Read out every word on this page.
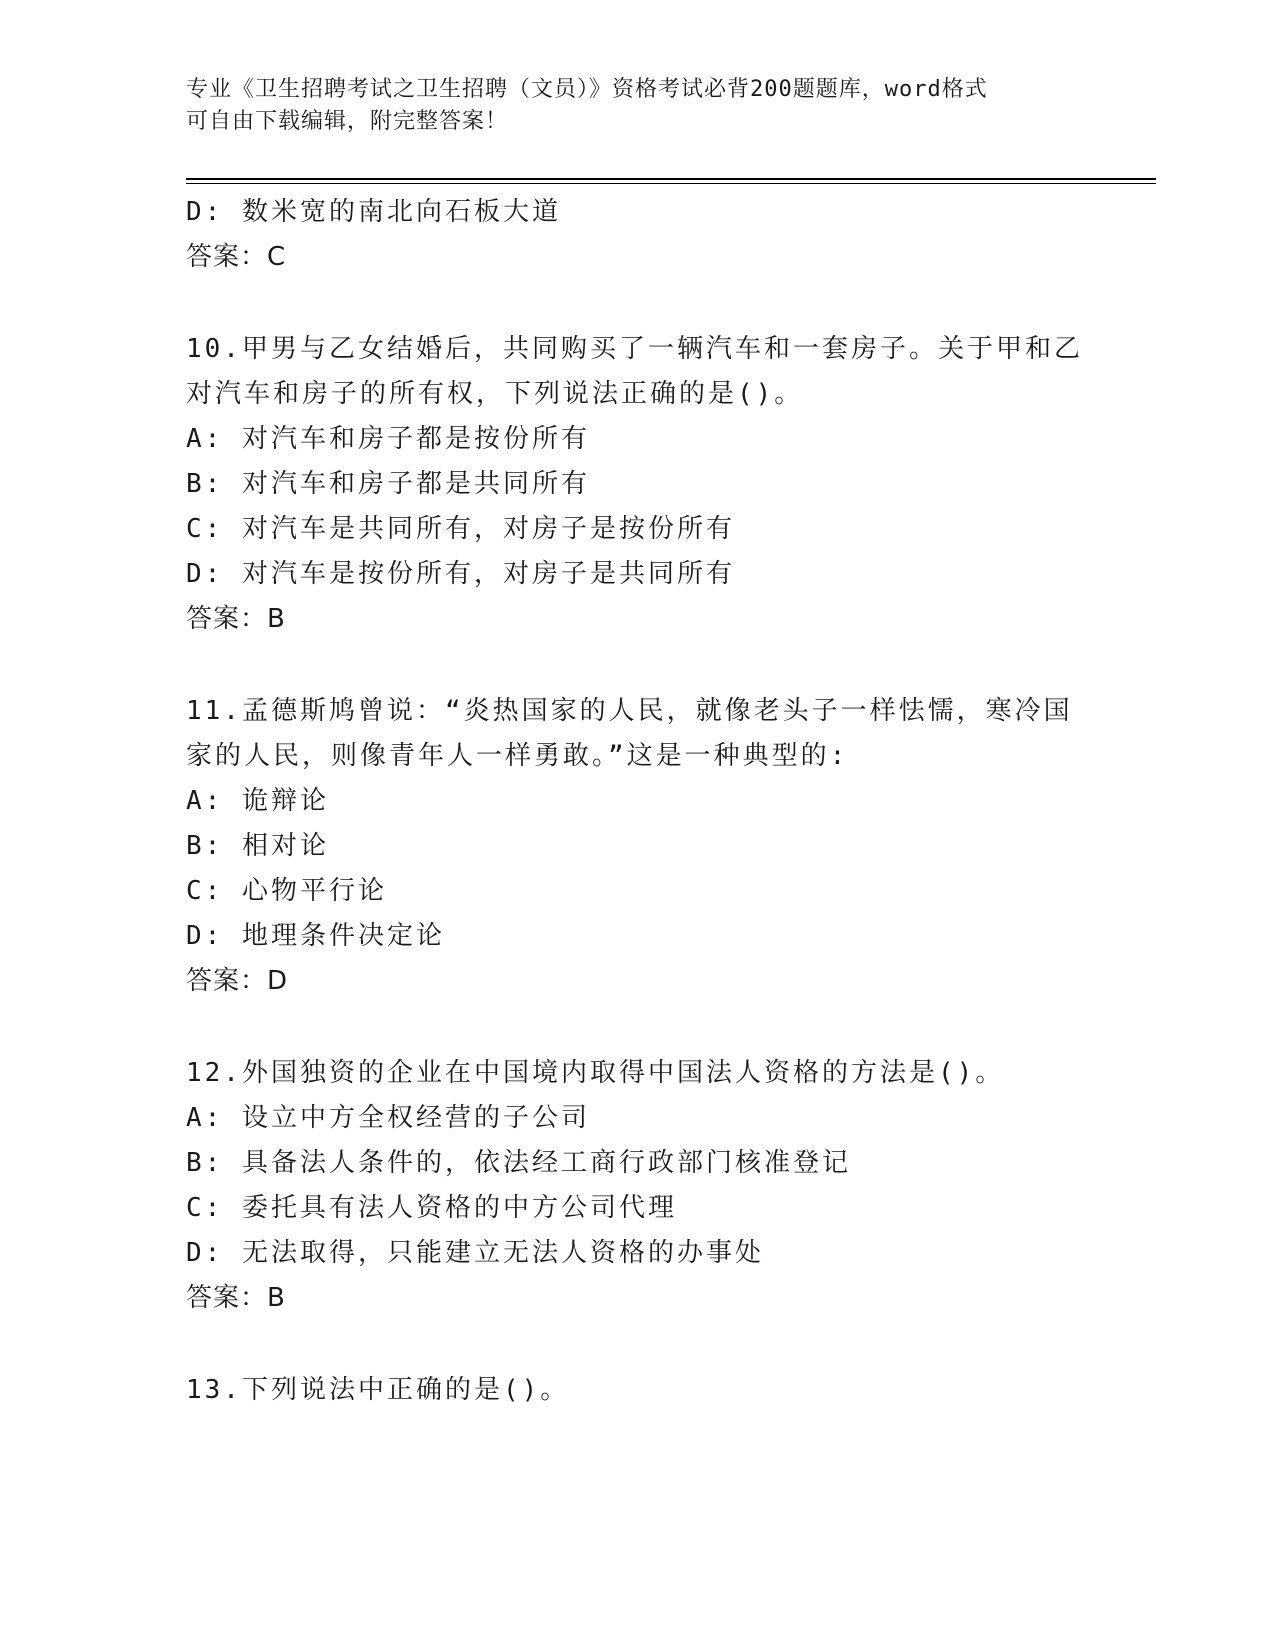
专业《卫生招聘考试之卫生招聘（文员）》资格考试必背200题题库，word格式
可自由下载编辑，附完整答案！
D: 数米宽的南北向石板大道
答案：C
10.甲男与乙女结婚后，共同购买了一辆汽车和一套房子。关于甲和乙
对汽车和房子的所有权，下列说法正确的是()。
A: 对汽车和房子都是按份所有
B: 对汽车和房子都是共同所有
C: 对汽车是共同所有，对房子是按份所有
D: 对汽车是按份所有，对房子是共同所有
答案：B
11.孟德斯鸠曾说：“炎热国家的人民，就像老头子一样怯懦，寒冷国
家的人民，则像青年人一样勇敢。”这是一种典型的:
A: 诡辩论
B: 相对论
C: 心物平行论
D: 地理条件决定论
答案：D
12.外国独资的企业在中国境内取得中国法人资格的方法是()。
A: 设立中方全权经营的子公司
B: 具备法人条件的，依法经工商行政部门核准登记
C: 委托具有法人资格的中方公司代理
D: 无法取得，只能建立无法人资格的办事处
答案：B
13.下列说法中正确的是()。
